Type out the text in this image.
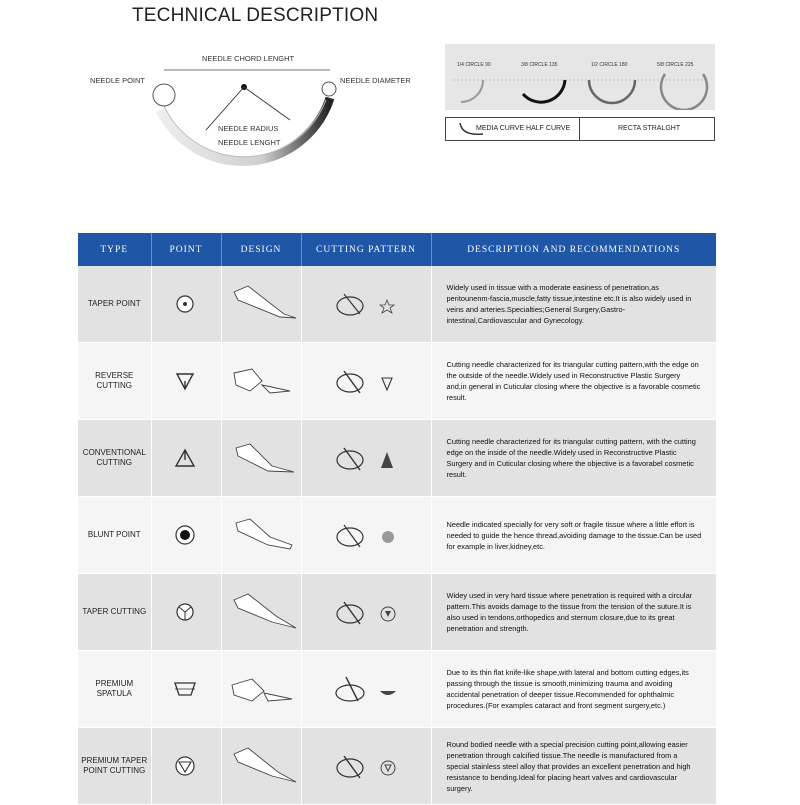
TECHNICAL DESCRIPTION
NEEDLE CHORD LENGHT
NEEDLE POINT	NEEDLE DIAMETER
NEEDLE RADIUS
NEEDLE LENGHT
1/4 CIRCLE 90	3/8 CIRCLE 135	1/2 CIRCLE 180	5/8 CIRCLE 225
MEDIA CURVE HALF CURVE	RECTA STRALGHT
TYPE	POINT	DESIGN	CUTTING PATTERN	DESCRIPTION AND RECOMMENDATIONS

TAPER POINT				Widely used in tissue with a moderate easiness of penetration,as peritounenm-fascia,muscle,fatty tissue,intestine etc.It is also widely used in veins and arteries.Specialties;General Surgery,Gastro-intestinal,Cardiovascular and Gynecology.

REVERSE CUTTING				Cutting needle characterized for its triangular cutting pattern,with the edge on the outside of the needle.Widely used in Reconstructive Plastic Surgery and,in general in Cuticular closing where the objective is a favorable cosmetic result.

CONVENTIONAL CUTTING				Cutting needle characterized for its triangular cutting pattern, with the cutting edge on the inside of the needle.Widely used in Reconstructive Plastic Surgery and in Cuticular closing where the objective is a favorabel cosmetic result.

BLUNT POINT				Needle indicated specially for very soft or fragile tissue where a little effort is needed to guide the hence thread,avoiding damage to the tissue.Can be used for example in liver,kidney,etc.

TAPER CUTTING				Widey used in very hard tissue where penetration is required with a circular pattern.This avoids damage to the tissue from the tension of the suture.It is also used in tendons,orthopedics and sternum closure,due to its great penetration and strength.

PREMIUM SPATULA				Due to its thin flat knife-like shape,with lateral and bottom cutting edges,its passing through the tissue is smooth,minimizing trauma and avoiding accidental penetration of deeper tissue.Recommended for ophthalmic procedures.(For examples cataract and front segment surgery,etc.)

PREMIUM TAPER POINT CUTTING				Round bodied needle with a special precision cutting point,allowing easier penetration through calcified tissue.The needle is manufactured from a special stainless steel alloy that provides an excellent penetration and high resistance to bending.Ideal for placing heart valves and cardiovascular surgery.
